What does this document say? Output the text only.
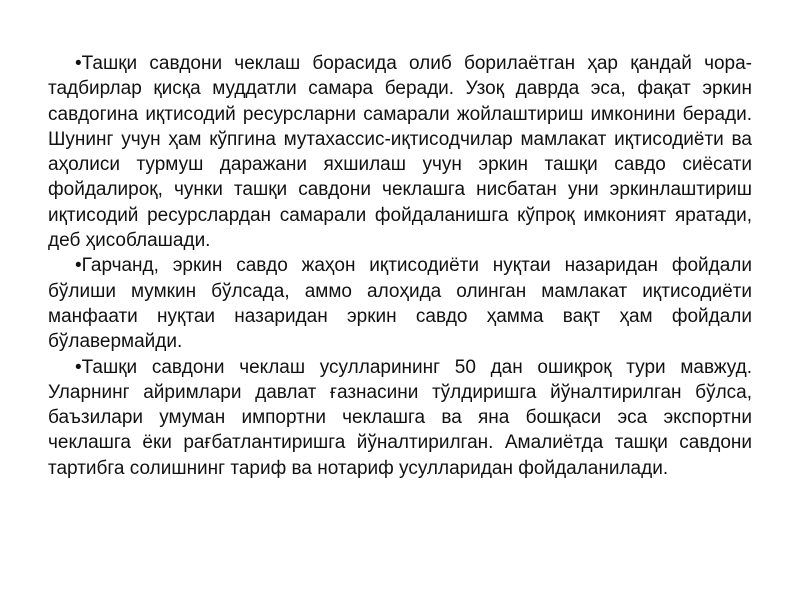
•Ташқи савдони чеклаш борасида олиб борилаётган ҳар қандай чора-тадбирлар қисқа муддатли самара беради. Узоқ даврда эса, фақат эркин савдогина иқтисодий ресурсларни самарали жойлаштириш имконини беради. Шунинг учун ҳам кўпгина мутахассис-иқтисодчилар мамлакат иқтисодиёти ва аҳолиси турмуш даражани яхшилаш учун эркин ташқи савдо сиёсати фойдалироқ, чунки ташқи савдони чеклашга нисбатан уни эркинлаштириш иқтисодий ресурслардан самарали фойдаланишга кўпроқ имконият яратади, деб ҳисоблашади.

•Гарчанд, эркин савдо жаҳон иқтисодиёти нуқтаи назаридан фойдали бўлиши мумкин бўлсада, аммо алоҳида олинган мамлакат иқтисодиёти манфаати нуқтаи назаридан эркин савдо ҳамма вақт ҳам фойдали бўлавермайди.

•Ташқи савдони чеклаш усулларининг 50 дан ошиқроқ тури мавжуд. Уларнинг айримлари давлат ғазнасини тўлдиришга йўналтирилган бўлса, баъзилари умуман импортни чеклашга ва яна бошқаси эса экспортни чеклашга ёки рағбатлантиришга йўналтирилган. Амалиётда ташқи савдони тартибга солишнинг тариф ва нотариф усулларидан фойдаланилади.
